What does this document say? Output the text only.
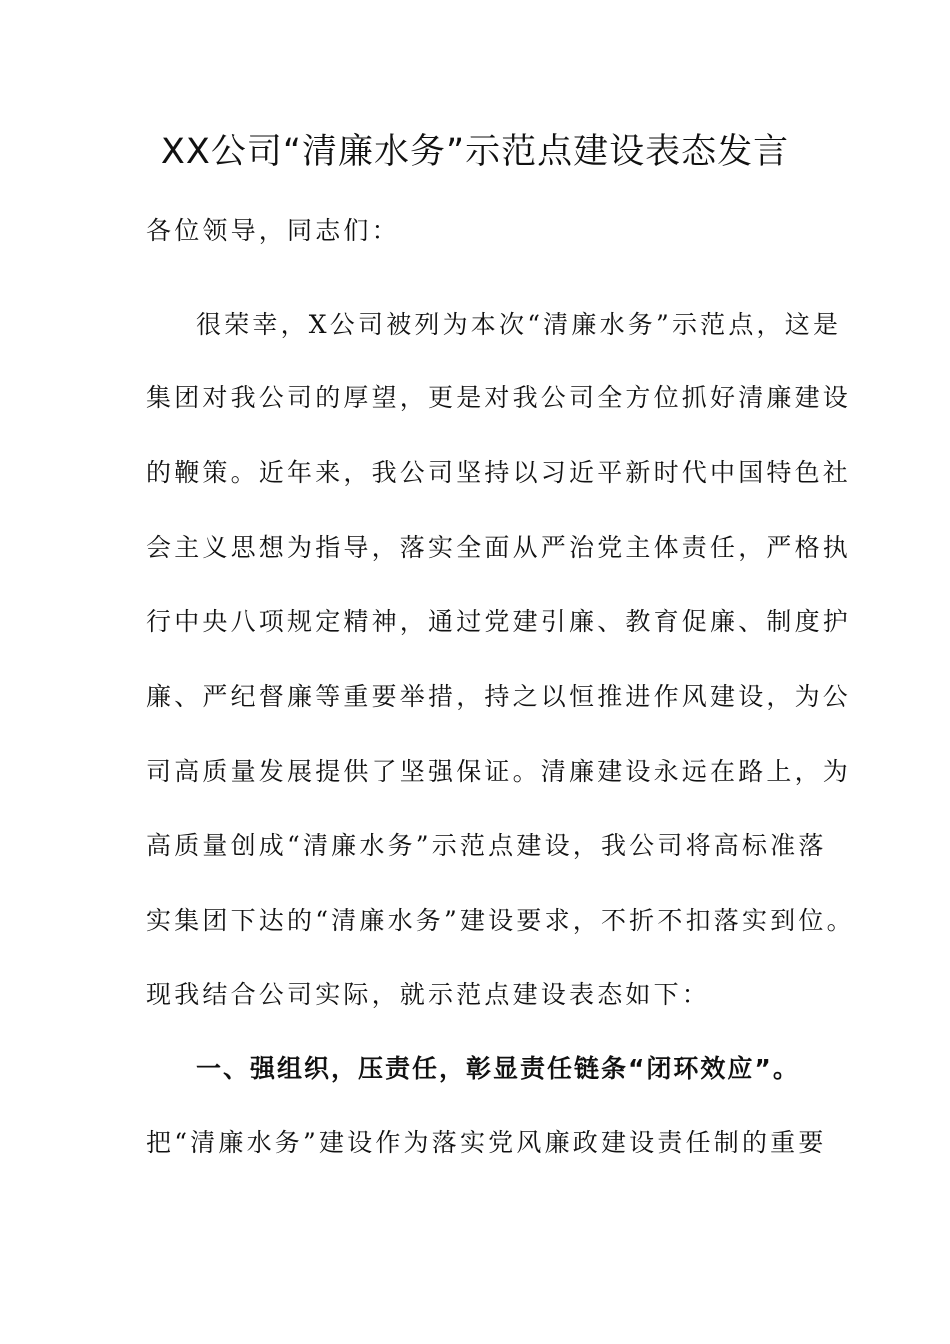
XX公司“清廉水务”示范点建设表态发言
各位领导，同志们：
很荣幸，X公司被列为本次“清廉水务”示范点，这是
集团对我公司的厚望，更是对我公司全方位抓好清廉建设
的鞭策。近年来，我公司坚持以习近平新时代中国特色社
会主义思想为指导，落实全面从严治党主体责任，严格执
行中央八项规定精神，通过党建引廉、教育促廉、制度护
廉、严纪督廉等重要举措，持之以恒推进作风建设，为公
司高质量发展提供了坚强保证。清廉建设永远在路上，为
高质量创成“清廉水务”示范点建设，我公司将高标准落
实集团下达的“清廉水务”建设要求，不折不扣落实到位。
现我结合公司实际，就示范点建设表态如下：
一、强组织，压责任，彰显责任链条“闭环效应”。
把“清廉水务”建设作为落实党风廉政建设责任制的重要
